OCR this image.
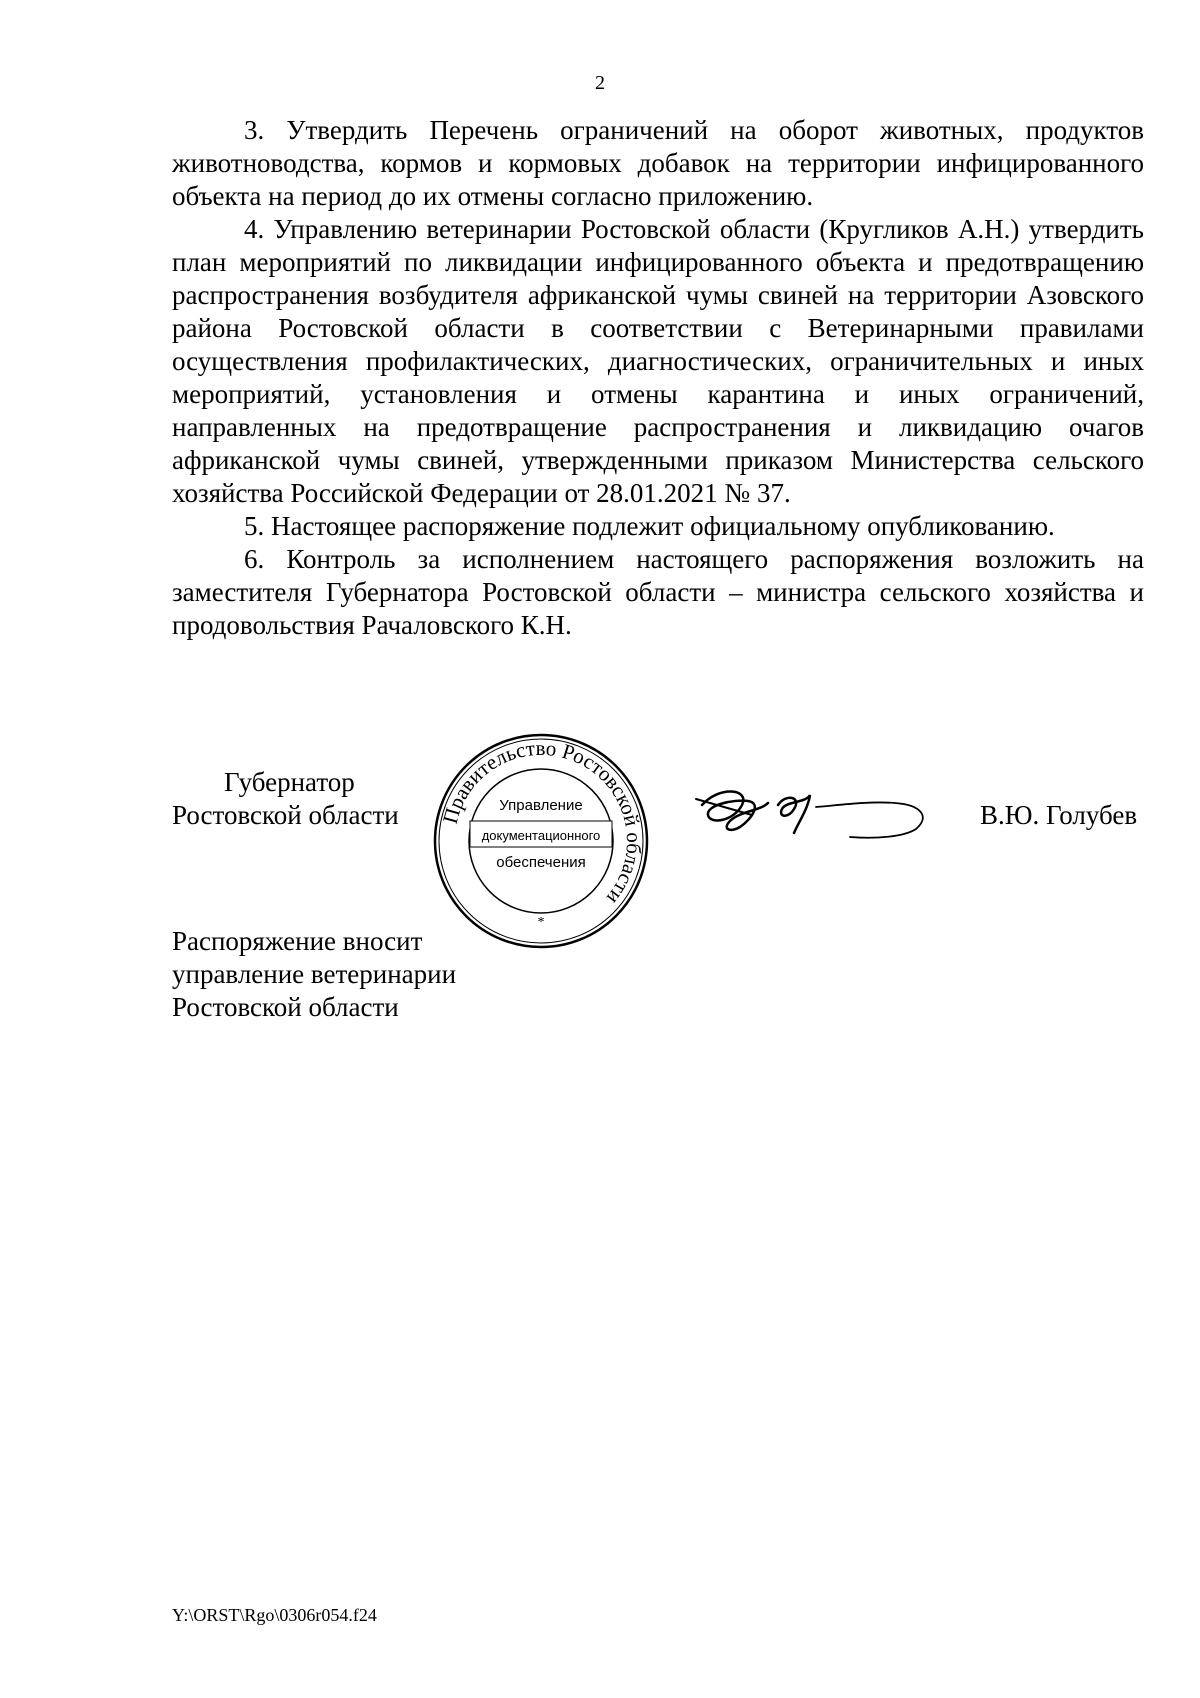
2

3. Утвердить Перечень ограничений на оборот животных, продуктов животноводства, кормов и кормовых добавок на территории инфицированного объекта на период до их отмены согласно приложению.

4. Управлению ветеринарии Ростовской области (Кругликов А.Н.) утвердить план мероприятий по ликвидации инфицированного объекта и предотвращению распространения возбудителя африканской чумы свиней на территории Азовского района Ростовской области в соответствии с Ветеринарными правилами осуществления профилактических, диагностических, ограничительных и иных мероприятий, установления и отмены карантина и иных ограничений, направленных на предотвращение распространения и ликвидацию очагов африканской чумы свиней, утвержденными приказом Министерства сельского хозяйства Российской Федерации от 28.01.2021 № 37.

5. Настоящее распоряжение подлежит официальному опубликованию.

6. Контроль за исполнением настоящего распоряжения возложить на заместителя Губернатора Ростовской области – министра сельского хозяйства и продовольствия Рачаловского К.Н.

Губернатор
Ростовской области Правительство Ростовской области
Управление
документационного
обеспечения
*
В.Ю. Голубев
Распоряжение вносит
управление ветеринарии
Ростовской области
Y:\ORST\Rgo\0306r054.f24
